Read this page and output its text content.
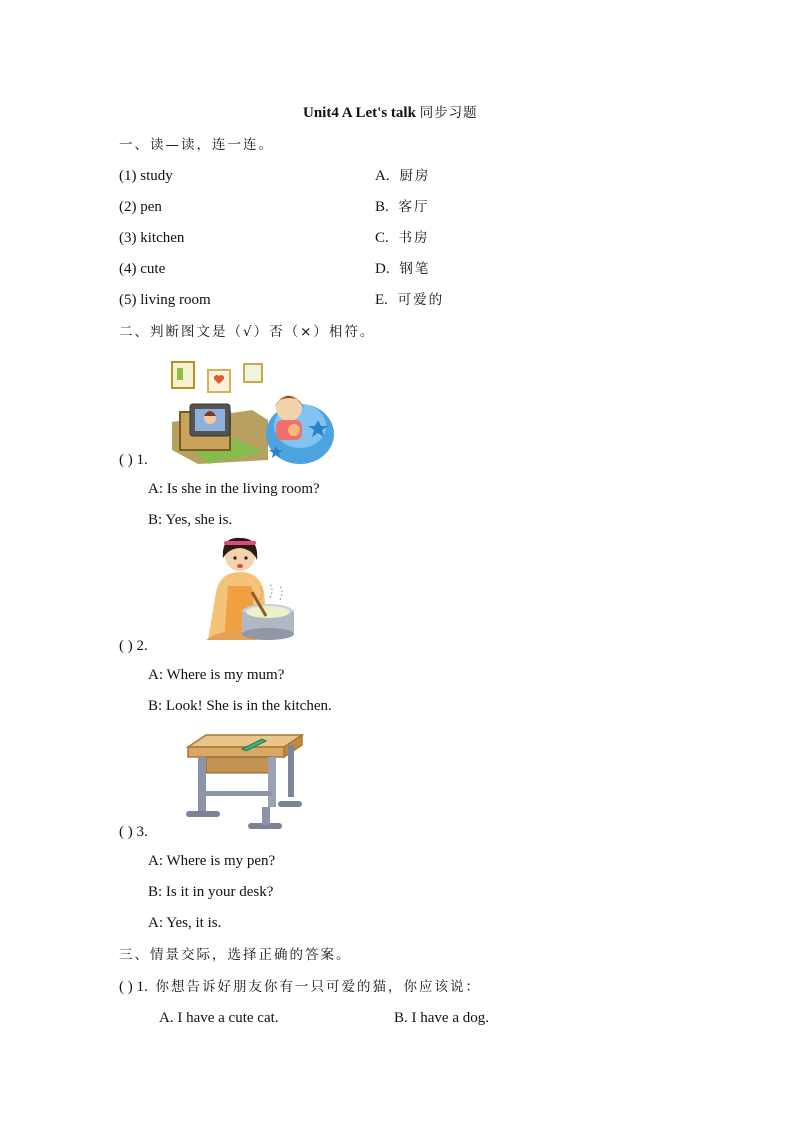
Unit4 A Let's talk 同步习题
一、读—读，连一连。
(1) study
(2) pen
(3) kitchen
(4) cute
(5) living room
A. 厨房
B. 客厅
C. 书房
D. 钢笔
E. 可爱的
二、判断图文是（√）否（×）相符。
( ) 1.
A: Is she in the living room?
B: Yes, she is.
( ) 2.
A: Where is my mum?
B: Look! She is in the kitchen.
( ) 3.
A: Where is my pen?
B: Is it in your desk?
A: Yes, it is.
三、情景交际，选择正确的答案。
( ) 1. 你想告诉好朋友你有一只可爱的猫，你应该说：
A. I have a cute cat.	B. I have a dog.
